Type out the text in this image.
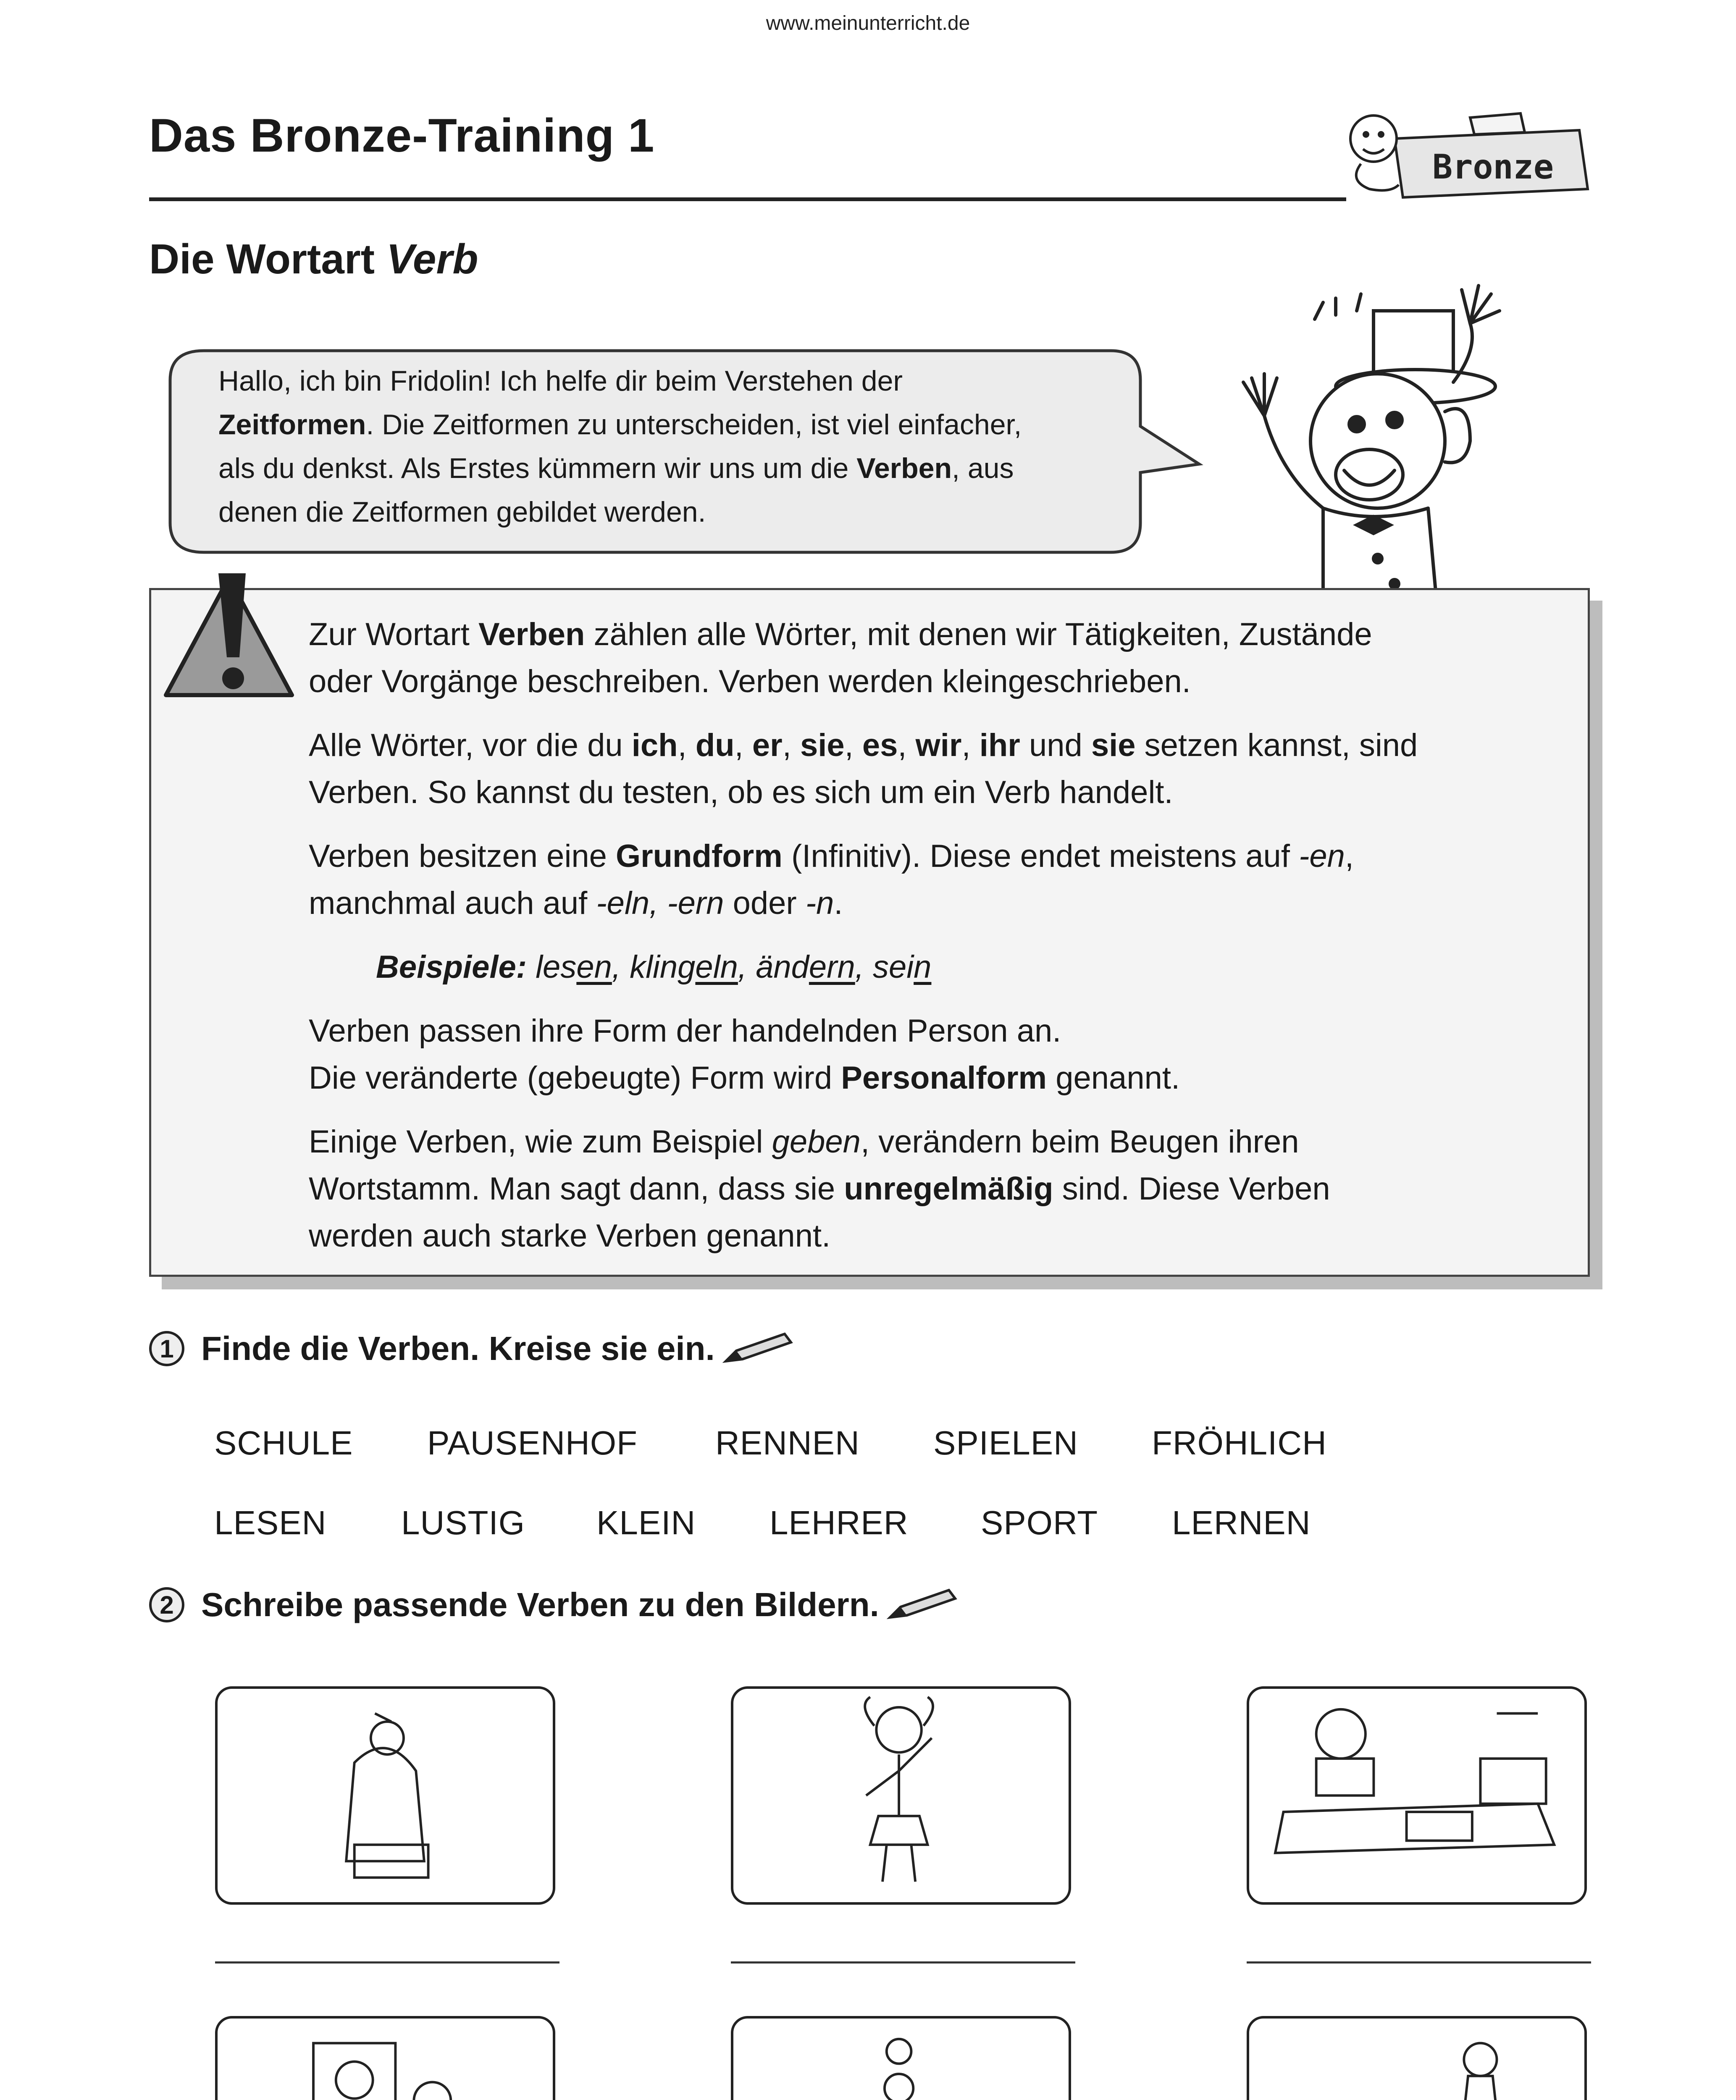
www.meinunterricht.de
Das Bronze-Training 1
Bronze
Die Wortart Verb
Hallo, ich bin Fridolin! Ich helfe dir beim Verstehen der
Zeitformen. Die Zeitformen zu unterscheiden, ist viel einfacher,
als du denkst. Als Erstes kümmern wir uns um die Verben, aus
denen die Zeitformen gebildet werden.

Zur Wortart Verben zählen alle Wörter, mit denen wir Tätigkeiten, Zustände
oder Vorgänge beschreiben. Verben werden kleingeschrieben.

Alle Wörter, vor die du ich, du, er, sie, es, wir, ihr und sie setzen kannst, sind
Verben. So kannst du testen, ob es sich um ein Verb handelt.

Verben besitzen eine Grundform (Infinitiv). Diese endet meistens auf -en,
manchmal auch auf -eln, -ern oder -n.

Beispiele: lesen, klingeln, ändern, sein

Verben passen ihre Form der handelnden Person an.
Die veränderte (gebeugte) Form wird Personalform genannt.

Einige Verben, wie zum Beispiel geben, verändern beim Beugen ihren
Wortstamm. Man sagt dann, dass sie unregelmäßig sind. Diese Verben
werden auch starke Verben genannt.

1 Finde die Verben. Kreise sie ein.
SCHULE PAUSENHOF RENNEN SPIELEN FRÖHLICH
LESEN LUSTIG KLEIN LEHRER SPORT LERNEN
2 Schreibe passende Verben zu den Bildern.
